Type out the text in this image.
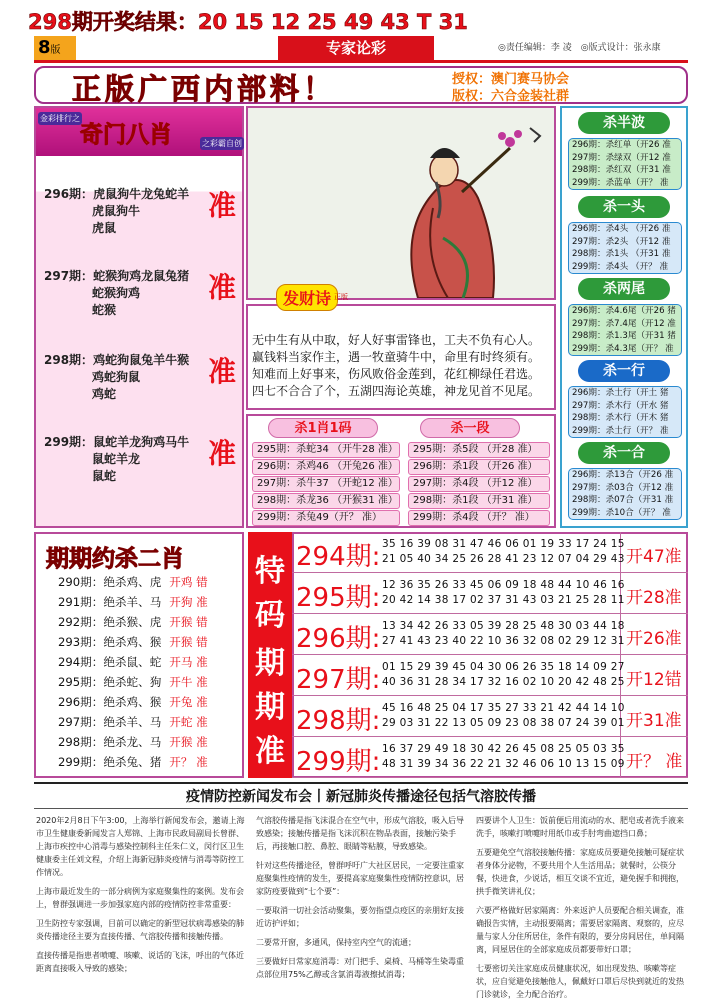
298期开奖结果：20 15 12 25 49 43 T 31
8版	专家论彩	◎责任编辑：李 凌　◎版式设计：张永康
正版广西内部料！	授权：澳门赛马协会
版权：六合金装社群
金彩排行之
奇门八肖	之彩霸自创
296期：虎鼠狗牛龙兔蛇羊
虎鼠狗牛
虎鼠
准
297期：蛇猴狗鸡龙鼠兔猪
蛇猴狗鸡
蛇猴
准
298期：鸡蛇狗鼠兔羊牛猴
鸡蛇狗鼠
鸡蛇
准
299期：鼠蛇羊龙狗鸡马牛
鼠蛇羊龙
鼠蛇
准
发财诗 正版
无中生有从中取，好人好事雷锋也，工夫不负有心人。
赢钱料当家作主，遇一牧童骑牛中，命里有时终须有。
知难而上好事来，伤风败俗金莲到，花红柳绿任君选。
四七不合合了个，五湖四海论英雄，神龙见首不见尾。
杀1肖1码	杀一段
295期：杀蛇34 （开牛28 准）
296期：杀鸡46 （开兔26 准）
297期：杀牛37 （开蛇12 准）
298期：杀龙36 （开猴31 准）
299期：杀兔49（开？ 准）
295期：杀5段 （开28 准）
296期：杀1段 （开26 准）
297期：杀4段 （开12 准）
298期：杀1段 （开31 准）
299期：杀4段 （开？ 准）
杀半波
296期：杀红单（开26 准
297期：杀绿双（开12 准
298期：杀红双（开31 准
299期：杀蓝单（开？ 准
杀一头
296期：杀4头 （开26 准
297期：杀2头 （开12 准
298期：杀1头 （开31 准
299期：杀4头 （开？ 准
杀两尾
296期：杀4.6尾（开26 猪
297期：杀7.4尾（开12 准
298期：杀1.3尾（开31 猪
299期：杀4.3尾（开？ 准
杀一行
296期：杀土行（开土 猪
297期：杀木行（开水 猪
298期：杀木行（开木 猪
299期：杀土行（开？ 准
杀一合
296期：杀13合（开26 准
297期：杀03合（开12 准
298期：杀07合（开31 准
299期：杀10合（开？ 准
期期约杀二肖
290期：绝杀鸡、虎 开鸡 错
291期：绝杀羊、马 开狗 准
292期：绝杀猴、虎 开猴 错
293期：绝杀鸡、猴 开猴 错
294期：绝杀鼠、蛇 开马 准
295期：绝杀蛇、狗 开牛 准
296期：绝杀鸡、猴 开兔 准
297期：绝杀羊、马 开蛇 准
298期：绝杀龙、马 开猴 准
299期：绝杀兔、猪 开？ 准
特
码
期
期
准
294期: 35 16 39 08 31 47 46 06 01 19 33 17 24 15
21 05 40 34 25 26 28 41 23 12 07 04 29 43 开47准
295期: 12 36 35 26 33 45 06 09 18 48 44 10 46 16
20 42 14 38 17 02 37 31 43 03 21 25 28 11 开28准
296期: 13 34 42 26 33 05 39 28 25 48 30 03 44 18
27 41 43 23 40 22 10 36 32 08 02 29 12 31 开26准
297期: 01 15 29 39 45 04 30 06 26 35 18 14 09 27
40 36 31 28 34 17 32 16 02 10 20 42 48 25 开12错
298期: 45 16 48 25 04 17 35 27 33 21 42 44 14 10
29 03 31 22 13 05 09 23 08 38 07 24 39 01 开31准
299期: 16 37 29 49 18 30 42 26 45 08 25 05 03 35
48 31 39 34 36 22 21 32 46 06 10 13 15 09 开？ 准
疫情防控新闻发布会丨新冠肺炎传播途径包括气溶胶传播

2020年2月8日下午3:00，上海举行新闻发布会，邀请上海市卫生健康委新闻发言人郑锦、上海市民政局副局长曾群、上海市疾控中心消毒与感染控制科主任朱仁义，闵行区卫生健康委主任刘文程，介绍上海新冠肺炎疫情与消毒等防控工作情况。

上海市最近发生的一部分病例为家庭聚集性的案例。发布会上，曾群强调进一步加强家庭内部的疫情防控非常重要：

卫生防控专家强调，目前可以确定的新型冠状病毒感染的肺炎传播途径主要为直接传播、气溶胶传播和接触传播。

直接传播是指患者喷嚏、咳嗽、说话的飞沫，呼出的气体近距离直接吸入导致的感染；

气溶胶传播是指飞沫混合在空气中，形成气溶胶，吸入后导致感染；接触传播是指飞沫沉积在物品表面，接触污染手后，再接触口腔、鼻腔、眼睛等粘膜，导致感染。

针对这些传播途径，曾群呼吁广大社区居民，一定要注重家庭聚集性疫情的发生，要提高家庭聚集性疫情防控意识，居家防疫要做到“七个要”：

一要取消一切社会活动聚集，要勿指望点疫区的亲朋好友接近访护评如；

二要常开窗，多通风，保持室内空气的流通；

三要做好日常家庭消毒：对门把手、桌椅、马桶等生染毒重点部位用75%乙醇或含氯消毒液擦拭消毒；

四要讲个人卫生：饭前便后用流动的水、肥皂或者洗手液来洗手，咳嗽打喷嚏时用纸巾或手肘弯曲遮挡口鼻；

五要避免空气溶胶接触传播：家庭成员要避免接触可疑症状者身体分泌物，不要共用个人生活用品；就餐时，公筷分餐，快进食，少说话，相互交谈不宜近，避免握手和拥抱，拱手微笑讲礼仪；

六要严格做好居家隔离：外来返沪人员要配合相关调查，准确报告实情，主动报要隔离；需要居家隔离、观察的，应尽量与家人分住所居住，条件有限的，要分房间居住，单间隔离，同屋居住的全部家庭成员都要带好口罩；

七要密切关注家庭成员健康状况，如出现发热、咳嗽等症状，应自觉避免接触他人，佩戴好口罩后尽快到就近的发热门诊就诊，全力配合治疗。
